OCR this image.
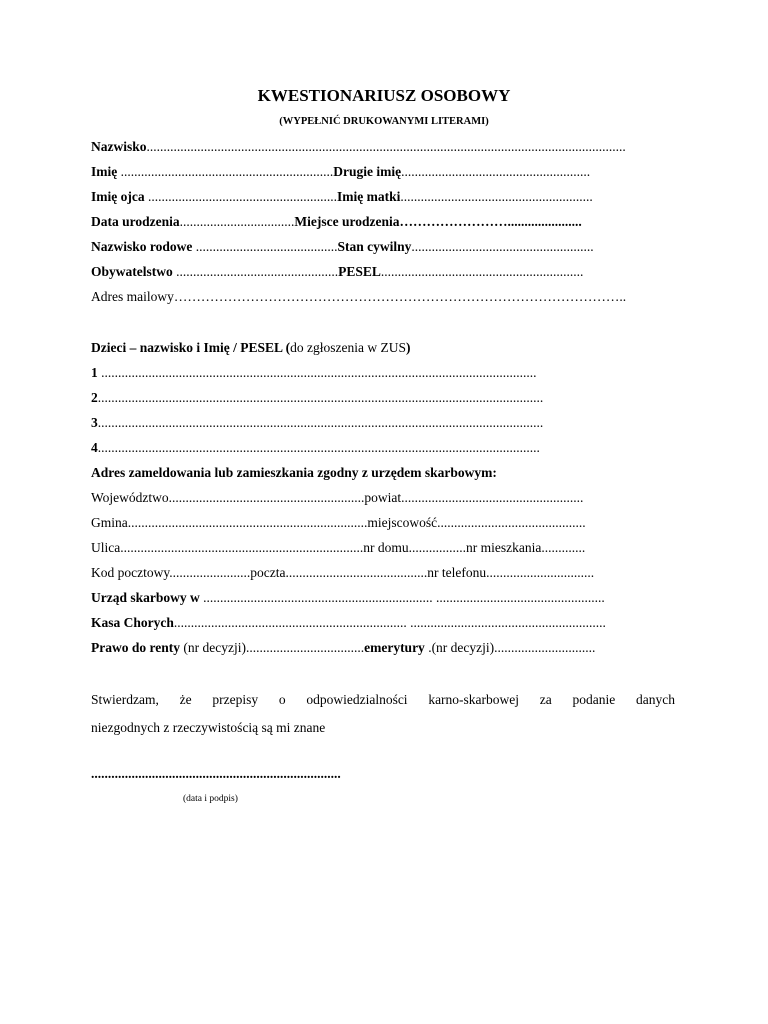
KWESTIONARIUSZ OSOBOWY
(WYPEŁNIĆ DRUKOWANYMI LITERAMI)
Nazwisko..............................................................................................................................................
Imię ...............................................................Drugie imię........................................................
Imię ojca ........................................................Imię matki.........................................................
Data urodzenia..................................Miejsce urodzenia……………………......................
Nazwisko rodowe ..........................................Stan cywilny......................................................
Obywatelstwo ................................................PESEL............................................................
Adres mailowy………………………………………………………………………………………..
Dzieci – nazwisko i Imię / PESEL (do zgłoszenia w ZUS)
1 .................................................................................................................................
2....................................................................................................................................
3....................................................................................................................................
4...................................................................................................................................
Adres zameldowania lub zamieszkania zgodny z urzędem skarbowym:
Województwo..........................................................powiat......................................................
Gmina.......................................................................miejscowość............................................
Ulica........................................................................nr domu.................nr mieszkania.............
Kod pocztowy........................poczta..........................................nr telefonu................................
Urząd skarbowy w .................................................................... ..................................................
Kasa Chorych..................................................................... ..........................................................
Prawo do renty (nr decyzji)...................................emerytury .(nr decyzji)..............................
Stwierdzam, że przepisy o odpowiedzialności karno-skarbowej za podanie danych
niezgodnych z rzeczywistością są mi znane
..........................................................................
(data i podpis)
